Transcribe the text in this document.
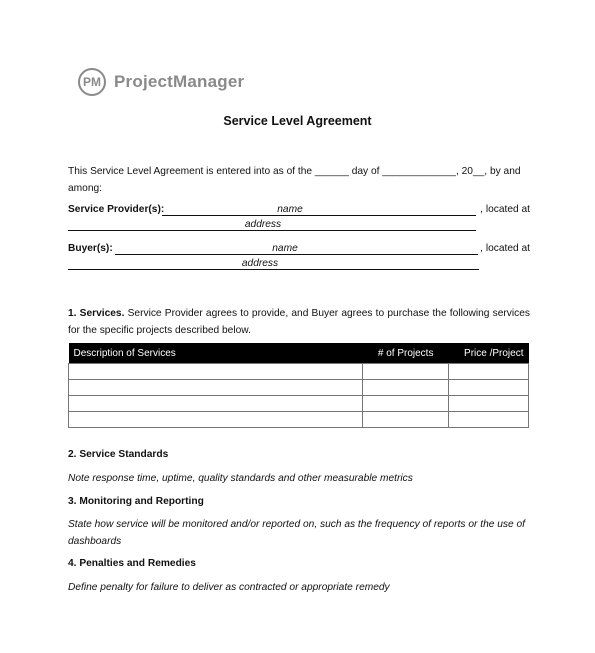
PM ProjectManager
Service Level Agreement
This Service Level Agreement is entered into as of the ______ day of _____________, 20__, by and among:
Service Provider(s):	name	, located at
address
Buyer(s):	name	, located at
address
1. Services. Service Provider agrees to provide, and Buyer agrees to purchase the following services for the specific projects described below.
Description of Services	# of Projects	Price /Project

2. Service Standards
Note response time, uptime, quality standards and other measurable metrics
3. Monitoring and Reporting
State how service will be monitored and/or reported on, such as the frequency of reports or the use of dashboards
4. Penalties and Remedies
Define penalty for failure to deliver as contracted or appropriate remedy
